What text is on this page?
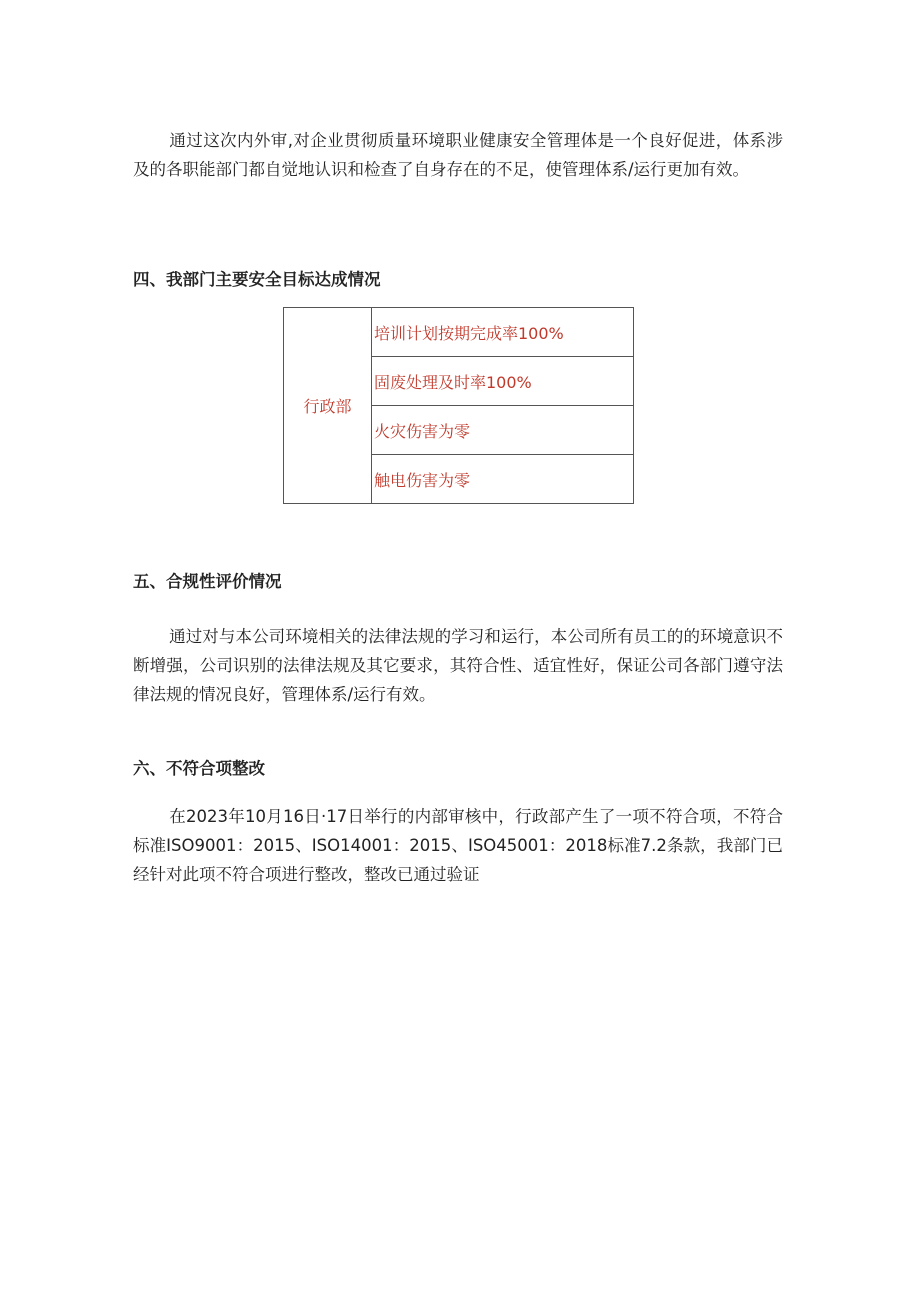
通过这次内外审,对企业贯彻质量环境职业健康安全管理体是一个良好促进，体系涉及的各职能部门都自觉地认识和检查了自身存在的不足，使管理体系/运行更加有效。

四、我部门主要安全目标达成情况
行政部	培训计划按期完成率100%
固废处理及时率100%
火灾伤害为零
触电伤害为零
五、合规性评价情况

通过对与本公司环境相关的法律法规的学习和运行，本公司所有员工的的环境意识不断增强，公司识别的法律法规及其它要求，其符合性、适宜性好，保证公司各部门遵守法律法规的情况良好，管理体系/运行有效。

六、不符合项整改

在2023年10月16日·17日举行的内部审核中，行政部产生了一项不符合项，不符合标准ISO9001：2015、ISO14001：2015、ISO45001：2018标准7.2条款，我部门已经针对此项不符合项进行整改，整改已通过验证
